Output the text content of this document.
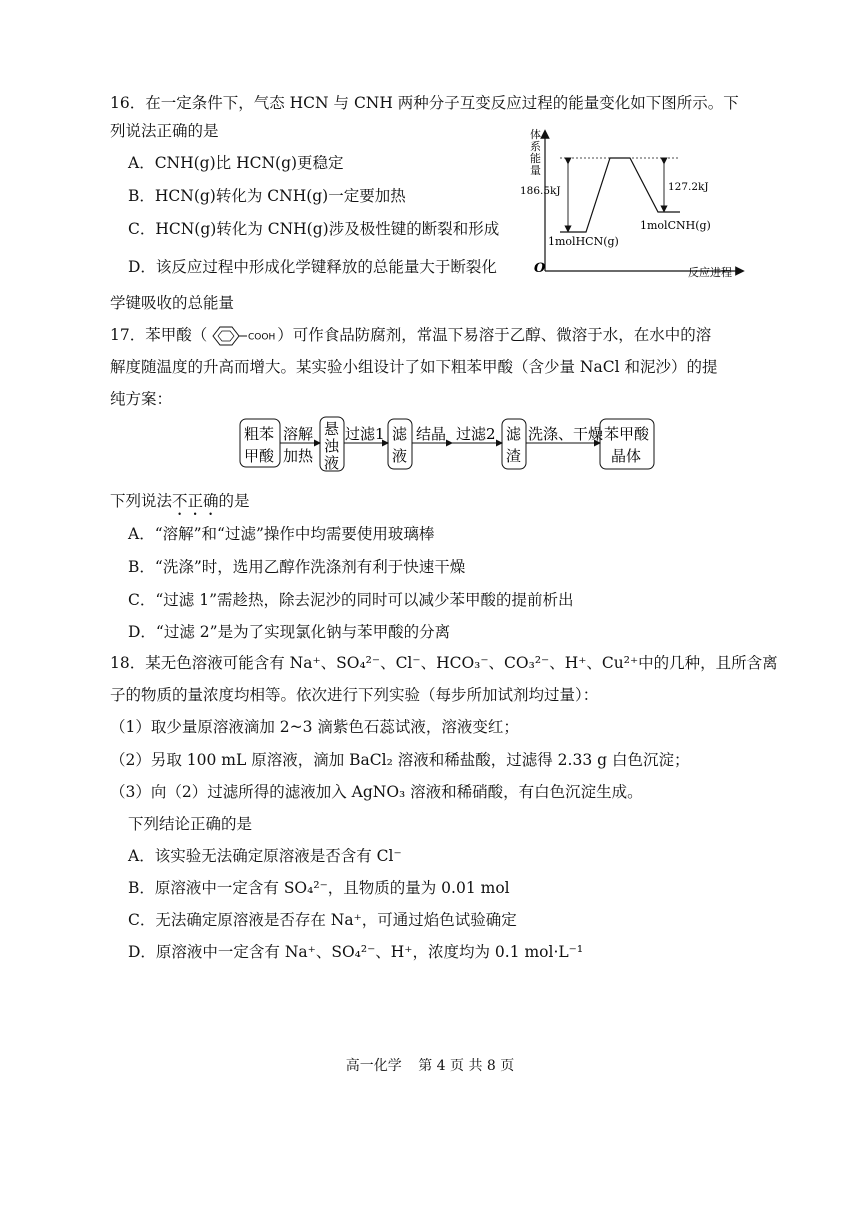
16．在一定条件下，气态 HCN 与 CNH 两种分子互变反应过程的能量变化如下图所示。下
列说法正确的是
A．CNH(g)比 HCN(g)更稳定
B．HCN(g)转化为 CNH(g)一定要加热
C．HCN(g)转化为 CNH(g)涉及极性键的断裂和形成
D．该反应过程中形成化学键释放的总能量大于断裂化
学键吸收的总能量
体
系
能
量
O	反应进程
186.5kJ	127.2kJ
1molHCN(g)
1molCNH(g)
17．苯甲酸（	COOH ）可作食品防腐剂，常温下易溶于乙醇、微溶于水，在水中的溶
解度随温度的升高而增大。某实验小组设计了如下粗苯甲酸（含少量 NaCl 和泥沙）的提
纯方案：
粗苯
甲酸
溶解
加热
悬
浊
液
过滤1 滤
液
结晶 过滤2 滤
渣
洗涤、干燥 苯甲酸
晶体
下列说法不正确的是
A．“溶解”和“过滤”操作中均需要使用玻璃棒
B．“洗涤”时，选用乙醇作洗涤剂有利于快速干燥
C．“过滤 1”需趁热，除去泥沙的同时可以减少苯甲酸的提前析出
D．“过滤 2”是为了实现氯化钠与苯甲酸的分离
18．某无色溶液可能含有 Na⁺、SO₄²⁻、Cl⁻、HCO₃⁻、CO₃²⁻、H⁺、Cu²⁺中的几种，且所含离
子的物质的量浓度均相等。依次进行下列实验（每步所加试剂均过量）：
（1）取少量原溶液滴加 2~3 滴紫色石蕊试液，溶液变红；
（2）另取 100 mL 原溶液，滴加 BaCl₂ 溶液和稀盐酸，过滤得 2.33 g 白色沉淀；
（3）向（2）过滤所得的滤液加入 AgNO₃ 溶液和稀硝酸，有白色沉淀生成。
下列结论正确的是
A．该实验无法确定原溶液是否含有 Cl⁻
B．原溶液中一定含有 SO₄²⁻，且物质的量为 0.01 mol
C．无法确定原溶液是否存在 Na⁺，可通过焰色试验确定
D．原溶液中一定含有 Na⁺、SO₄²⁻、H⁺，浓度均为 0.1 mol·L⁻¹
高一化学 第 4 页 共 8 页
